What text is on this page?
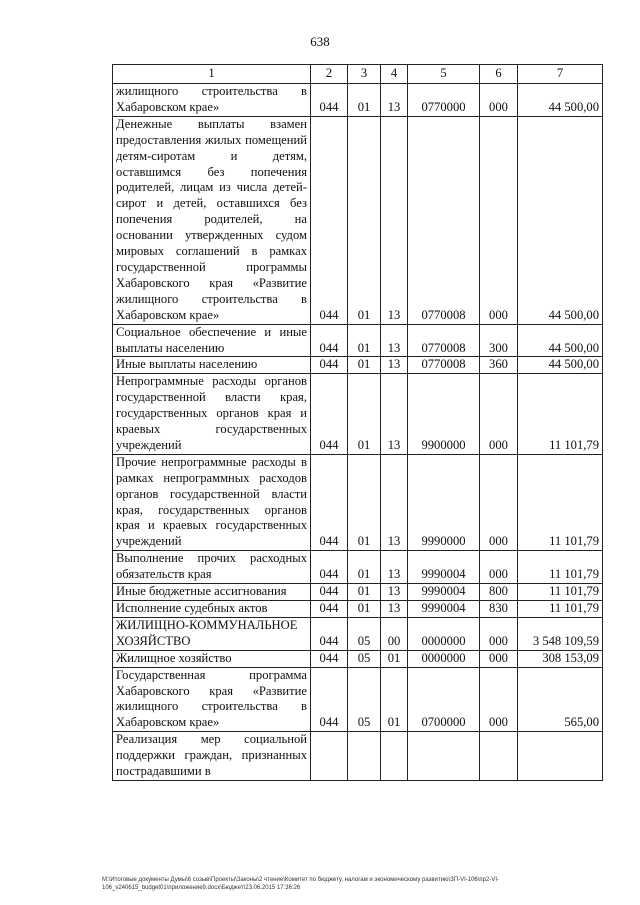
638
1	2	3	4	5	6	7
жилищного строительства в Хабаровском крае»	044	01	13	0770000	000	44 500,00
Денежные выплаты взамен предоставления жилых помещений детям-сиротам и детям, оставшимся без попечения родителей, лицам из числа детей-сирот и детей, оставшихся без попечения родителей, на основании утвержденных судом мировых соглашений в рамках государственной программы Хабаровского края «Развитие жилищного строительства в Хабаровском крае»	044	01	13	0770008	000	44 500,00
Социальное обеспечение и иные выплаты населению	044	01	13	0770008	300	44 500,00
Иные выплаты населению	044	01	13	0770008	360	44 500,00
Непрограммные расходы органов государственной власти края, государственных органов края и краевых государственных учреждений	044	01	13	9900000	000	11 101,79
Прочие непрограммные расходы в рамках непрограммных расходов органов государственной власти края, государственных органов края и краевых государственных учреждений	044	01	13	9990000	000	11 101,79
Выполнение прочих расходных обязательств края	044	01	13	9990004	000	11 101,79
Иные бюджетные ассигнования	044	01	13	9990004	800	11 101,79
Исполнение судебных актов	044	01	13	9990004	830	11 101,79
ЖИЛИЩНО-КОММУНАЛЬНОЕ ХОЗЯЙСТВО	044	05	00	0000000	000	3 548 109,59
Жилищное хозяйство	044	05	01	0000000	000	308 153,09
Государственная программа Хабаровского края «Развитие жилищного строительства в Хабаровском крае»	044	05	01	0700000	000	565,00
Реализация мер социальной поддержки граждан, признанных пострадавшими в						
M:\Итоговые документы Думы\6 созыв\Проекты\Законы\2 чтение\Комитет по бюджету, налогам и экономическому развитию\ЗП-VI-106\пр2-VI-106_v240615_budget01\приложение9.docx\Бюджет\23.06.2015 17:36:26
